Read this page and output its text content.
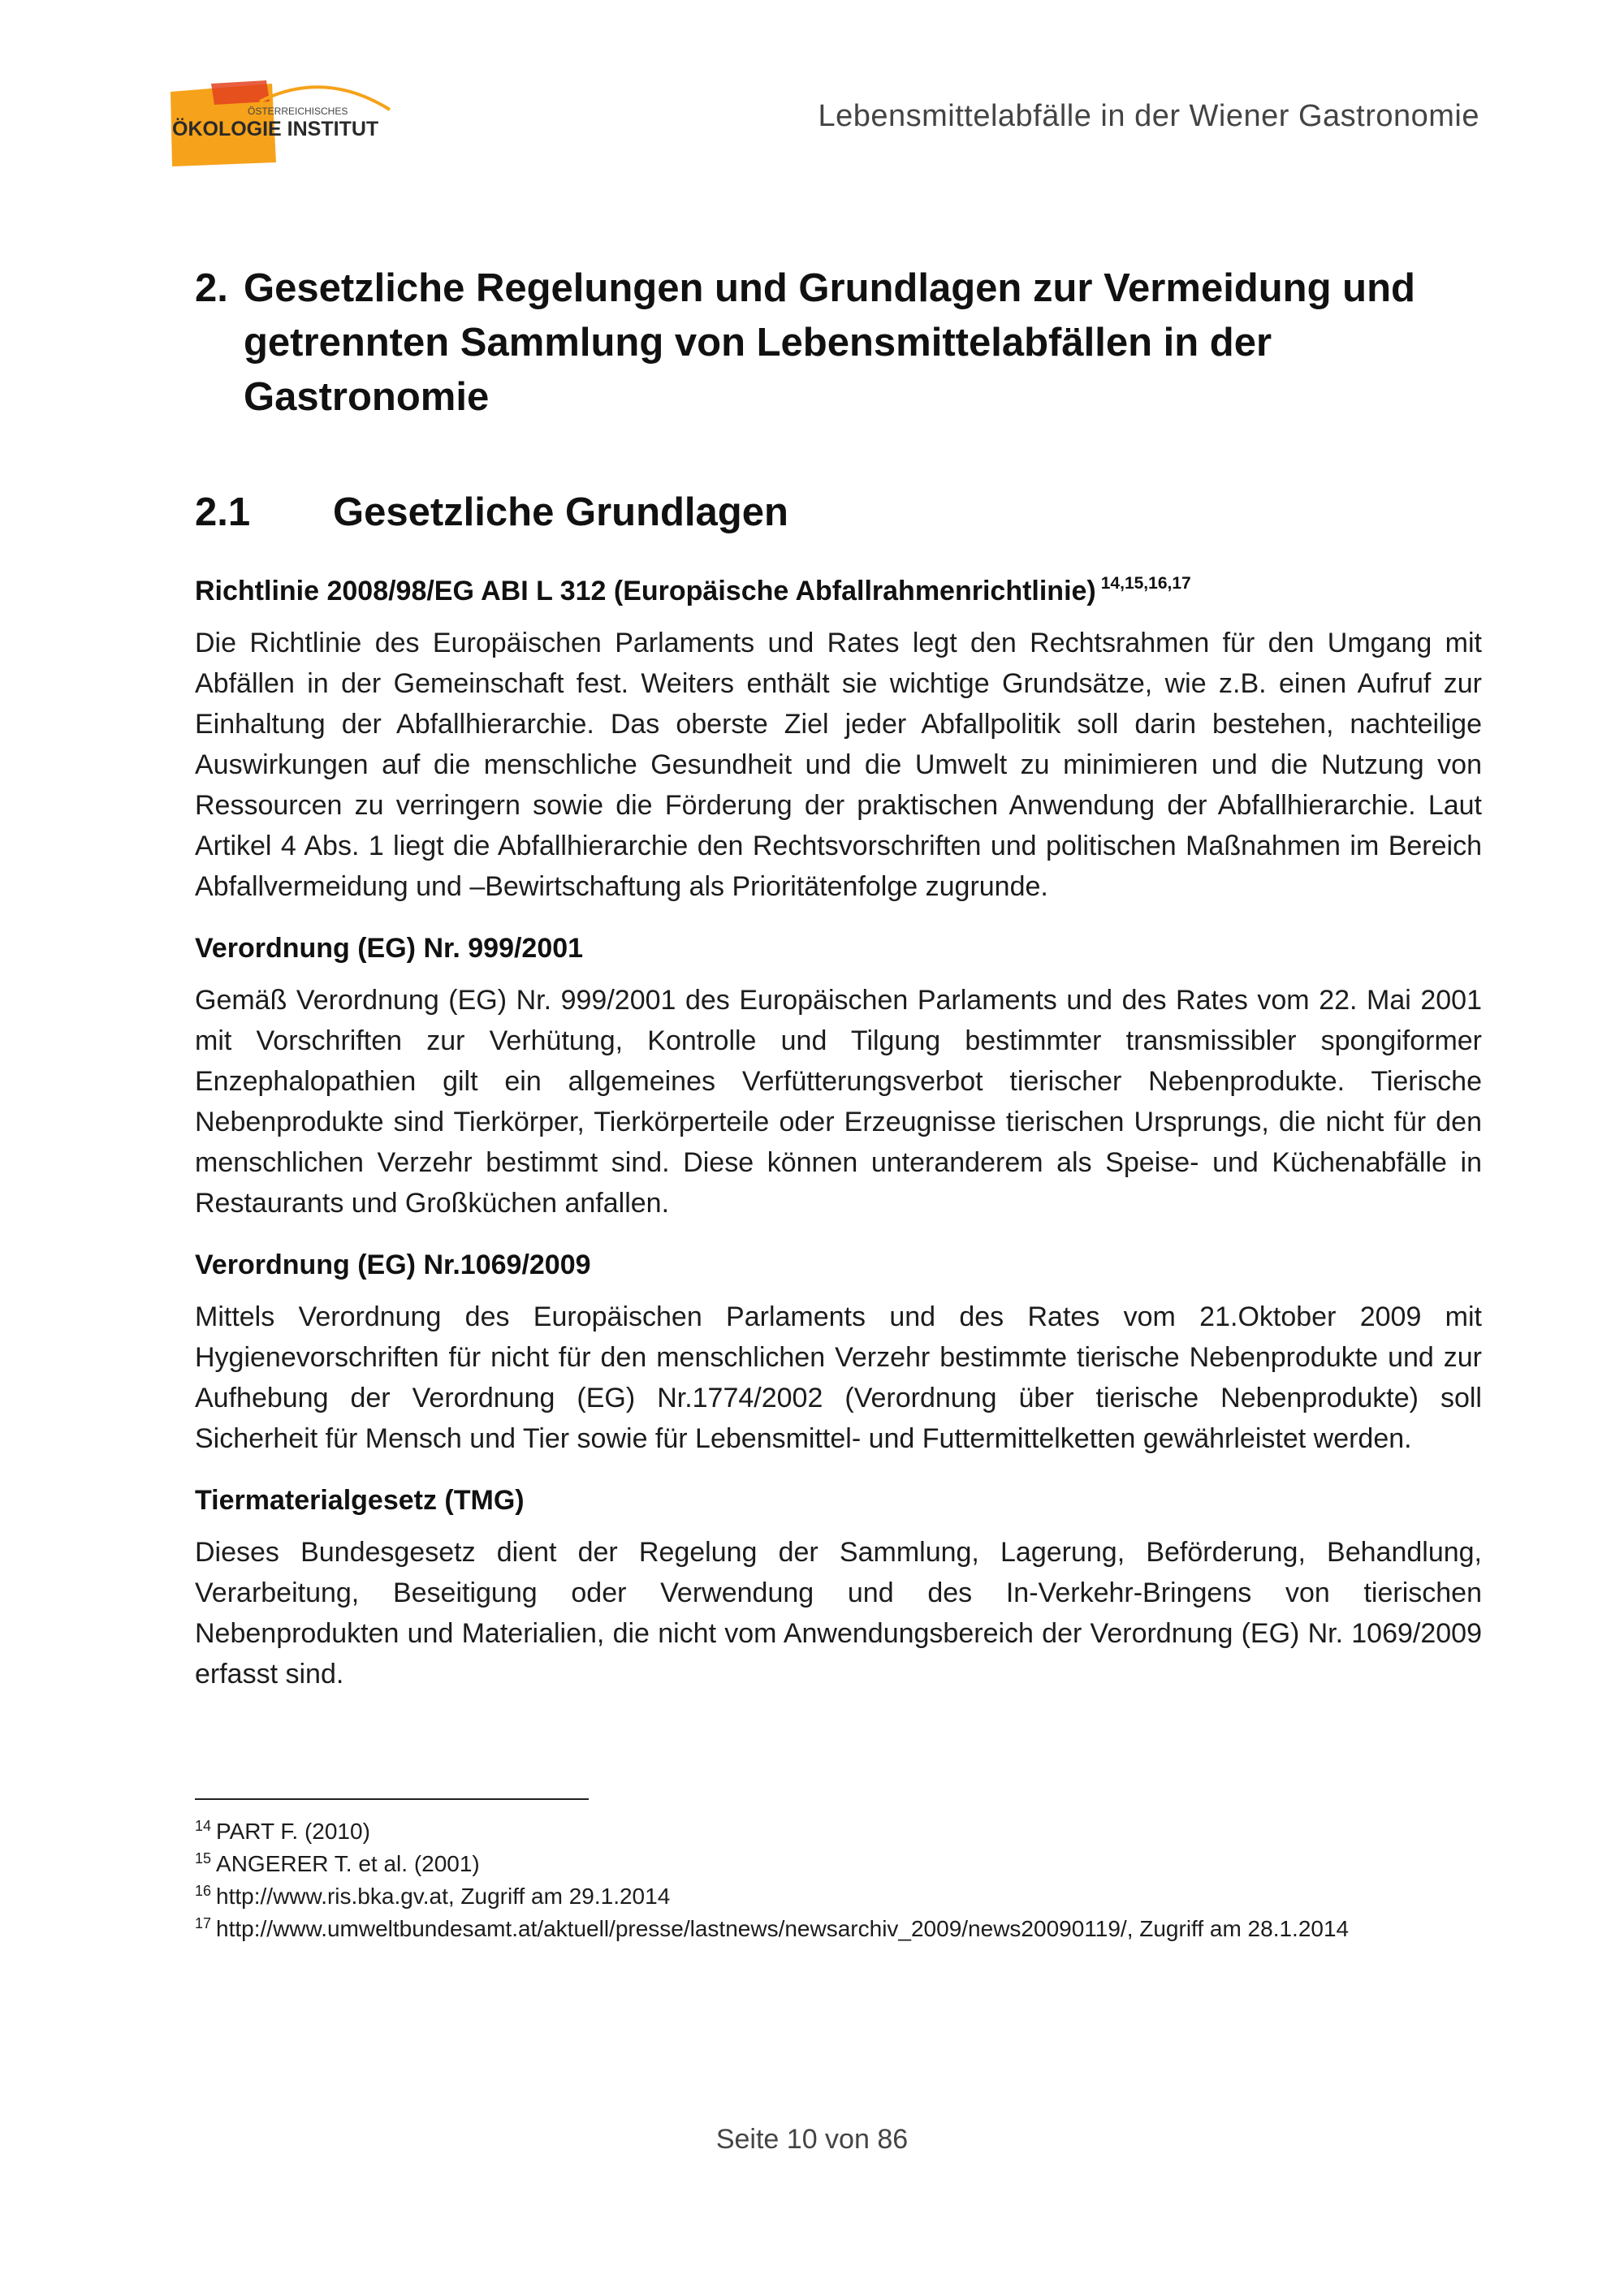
ÖSTERREICHISCHES
ÖKOLOGIE INSTITUT	Lebensmittelabfälle in der Wiener Gastronomie
2. Gesetzliche Regelungen und Grundlagen zur Vermeidung und getrennten Sammlung von Lebensmittelabfällen in der Gastronomie
2.1	Gesetzliche Grundlagen
Richtlinie 2008/98/EG ABI L 312 (Europäische Abfallrahmenrichtlinie) $^{14,15,16,17}$
Die Richtlinie des Europäischen Parlaments und Rates legt den Rechtsrahmen für den Umgang mit Abfällen in der Gemeinschaft fest. Weiters enthält sie wichtige Grundsätze, wie z.B. einen Aufruf zur Einhaltung der Abfallhierarchie. Das oberste Ziel jeder Abfallpolitik soll darin bestehen, nachteilige Auswirkungen auf die menschliche Gesundheit und die Umwelt zu minimieren und die Nutzung von Ressourcen zu verringern sowie die Förderung der praktischen Anwendung der Abfallhierarchie. Laut Artikel 4 Abs. 1 liegt die Abfallhierarchie den Rechtsvorschriften und politischen Maßnahmen im Bereich Abfallvermeidung und –Bewirtschaftung als Prioritätenfolge zugrunde.
Verordnung (EG) Nr. 999/2001
Gemäß Verordnung (EG) Nr. 999/2001 des Europäischen Parlaments und des Rates vom 22. Mai 2001 mit Vorschriften zur Verhütung, Kontrolle und Tilgung bestimmter transmissibler spongiformer Enzephalopathien gilt ein allgemeines Verfütterungsverbot tierischer Nebenprodukte. Tierische Nebenprodukte sind Tierkörper, Tierkörperteile oder Erzeugnisse tierischen Ursprungs, die nicht für den menschlichen Verzehr bestimmt sind. Diese können unteranderem als Speise- und Küchenabfälle in Restaurants und Großküchen anfallen.
Verordnung (EG) Nr.1069/2009
Mittels Verordnung des Europäischen Parlaments und des Rates vom 21.Oktober 2009 mit Hygienevorschriften für nicht für den menschlichen Verzehr bestimmte tierische Nebenprodukte und zur Aufhebung der Verordnung (EG) Nr.1774/2002 (Verordnung über tierische Nebenprodukte) soll Sicherheit für Mensch und Tier sowie für Lebensmittel- und Futtermittelketten gewährleistet werden.
Tiermaterialgesetz (TMG)
Dieses Bundesgesetz dient der Regelung der Sammlung, Lagerung, Beförderung, Behandlung, Verarbeitung, Beseitigung oder Verwendung und des In-Verkehr-Bringens von tierischen Nebenprodukten und Materialien, die nicht vom Anwendungsbereich der Verordnung (EG) Nr. 1069/2009 erfasst sind.
$^{14}$ PART F. (2010)
$^{15}$ ANGERER T. et al. (2001)
$^{16}$ http://www.ris.bka.gv.at, Zugriff am 29.1.2014
$^{17}$ http://www.umweltbundesamt.at/aktuell/presse/lastnews/newsarchiv_2009/news20090119/, Zugriff am 28.1.2014
Seite 10 von 86
